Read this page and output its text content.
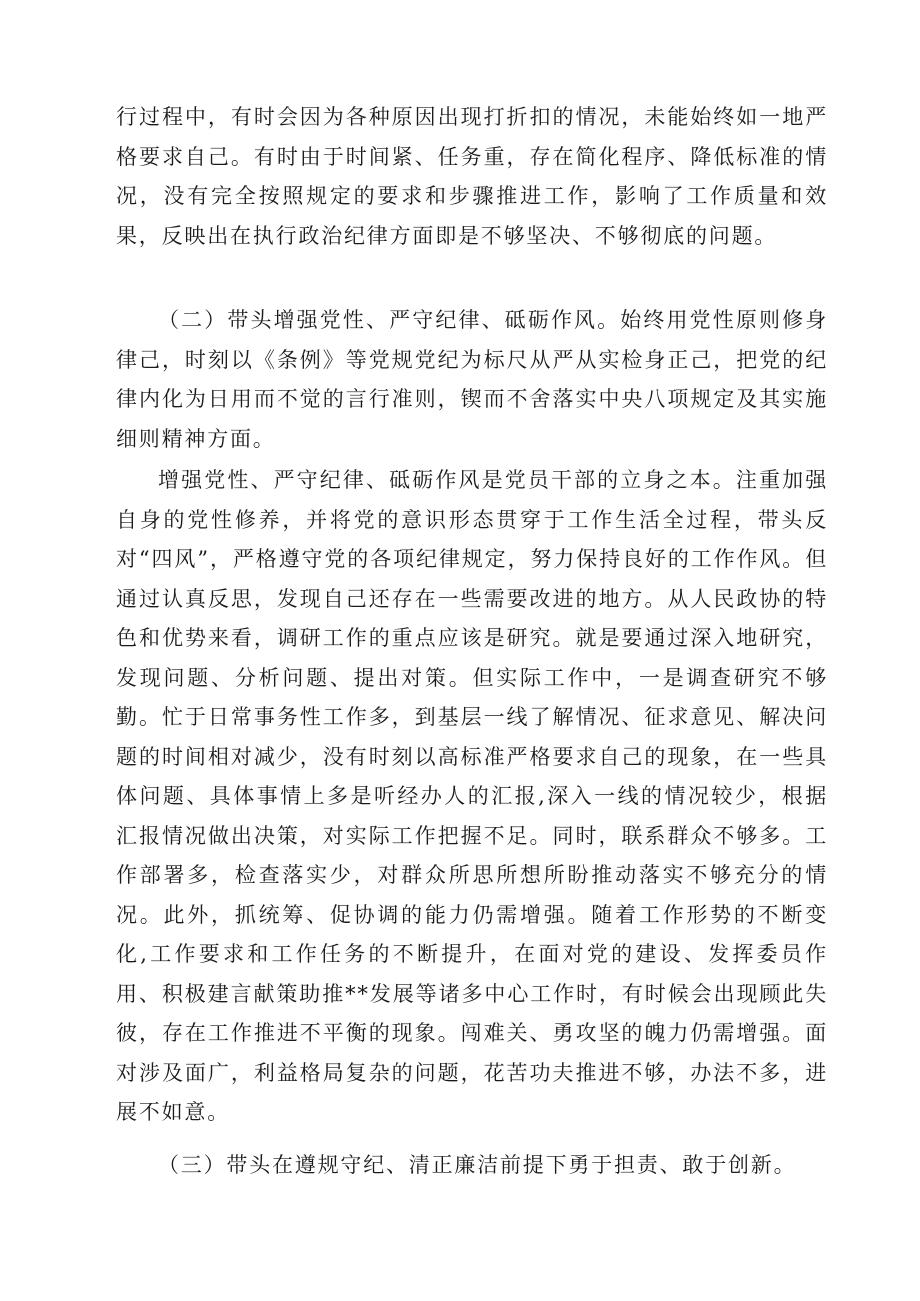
行过程中，有时会因为各种原因出现打折扣的情况，未能始终如一地严格要求自己。有时由于时间紧、任务重，存在简化程序、降低标准的情况，没有完全按照规定的要求和步骤推进工作，影响了工作质量和效果，反映出在执行政治纪律方面即是不够坚决、不够彻底的问题。

（二）带头增强党性、严守纪律、砥砺作风。始终用党性原则修身律己，时刻以《条例》等党规党纪为标尺从严从实检身正己，把党的纪律内化为日用而不觉的言行准则，锲而不舍落实中央八项规定及其实施细则精神方面。

增强党性、严守纪律、砥砺作风是党员干部的立身之本。注重加强自身的党性修养，并将党的意识形态贯穿于工作生活全过程，带头反对“四风”，严格遵守党的各项纪律规定，努力保持良好的工作作风。但通过认真反思，发现自己还存在一些需要改进的地方。从人民政协的特色和优势来看，调研工作的重点应该是研究。就是要通过深入地研究，发现问题、分析问题、提出对策。但实际工作中，一是调查研究不够勤。忙于日常事务性工作多，到基层一线了解情况、征求意见、解决问题的时间相对减少，没有时刻以高标准严格要求自己的现象，在一些具体问题、具体事情上多是听经办人的汇报,深入一线的情况较少，根据汇报情况做出决策，对实际工作把握不足。同时，联系群众不够多。工作部署多，检查落实少，对群众所思所想所盼推动落实不够充分的情况。此外，抓统筹、促协调的能力仍需增强。随着工作形势的不断变化,工作要求和工作任务的不断提升，在面对党的建设、发挥委员作用、积极建言献策助推**发展等诸多中心工作时，有时候会出现顾此失彼，存在工作推进不平衡的现象。闯难关、勇攻坚的魄力仍需增强。面对涉及面广，利益格局复杂的问题，花苦功夫推进不够，办法不多，进展不如意。

（三）带头在遵规守纪、清正廉洁前提下勇于担责、敢于创新。
